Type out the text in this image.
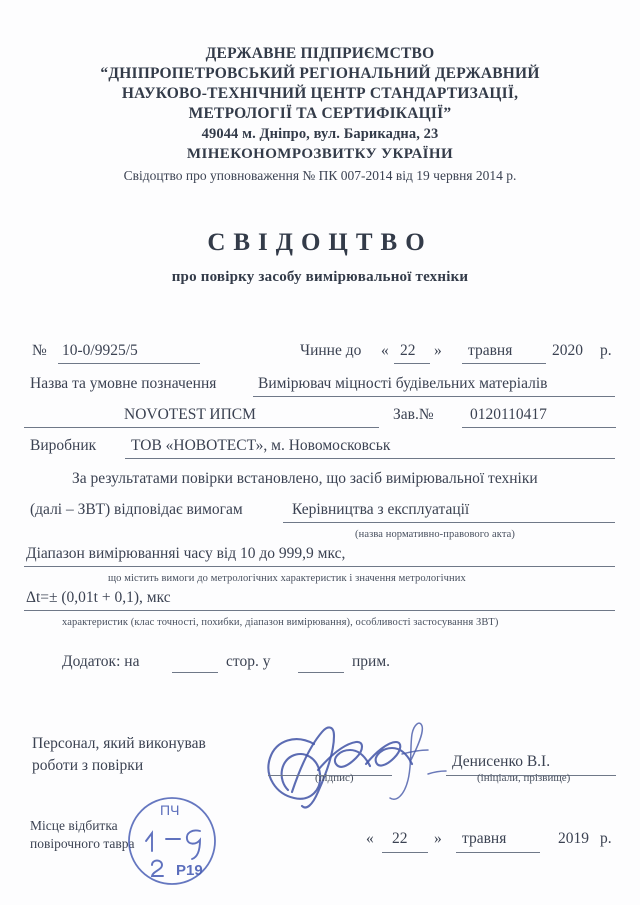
ДЕРЖАВНЕ ПІДПРИЄМСТВО
“ДНІПРОПЕТРОВСЬКИЙ РЕГІОНАЛЬНИЙ ДЕРЖАВНИЙ
НАУКОВО-ТЕХНІЧНИЙ ЦЕНТР СТАНДАРТИЗАЦІЇ,
МЕТРОЛОГІЇ ТА СЕРТИФІКАЦІЇ”
49044 м. Дніпро, вул. Барикадна, 23
МІНЕКОНОМРОЗВИТКУ УКРАЇНИ
Свідоцтво про уповноваження № ПК 007-2014 від 19 червня 2014 р.
СВІДОЦТВО
про повірку засобу вимірювальної техніки
№ 10-0/9925/5	Чинне до « 22 » травня	2020 р.
Назва та умовне позначення	Вимірювач міцності будівельних матеріалів
NOVOTEST ИПСМ	Зав.№ 0120110417
Виробник ТОВ «НОВОТЕСТ», м. Новомосковськ
За результатами повірки встановлено, що засіб вимірювальної техніки
(далі – ЗВТ) відповідає вимогам	Керівництва з експлуатації
(назва нормативно-правового акта)
Діапазон вимірюванняі часу від 10 до 999,9 мкс,
що містить вимоги до метрологічних характеристик і значення метрологічних
Δt=± (0,01t + 0,1), мкс
характеристик (клас точності, похибки, діапазон вимірювання), особливості застосування ЗВТ)
Додаток: на	стор. у	прим.
Персонал, який виконував
роботи з повірки
(підпис)
Денисенко В.І.
(ініціали, прізвище)
Місце відбитка
повірочного тавра
ПЧ
Р19
« 22 » травня	2019 р.
